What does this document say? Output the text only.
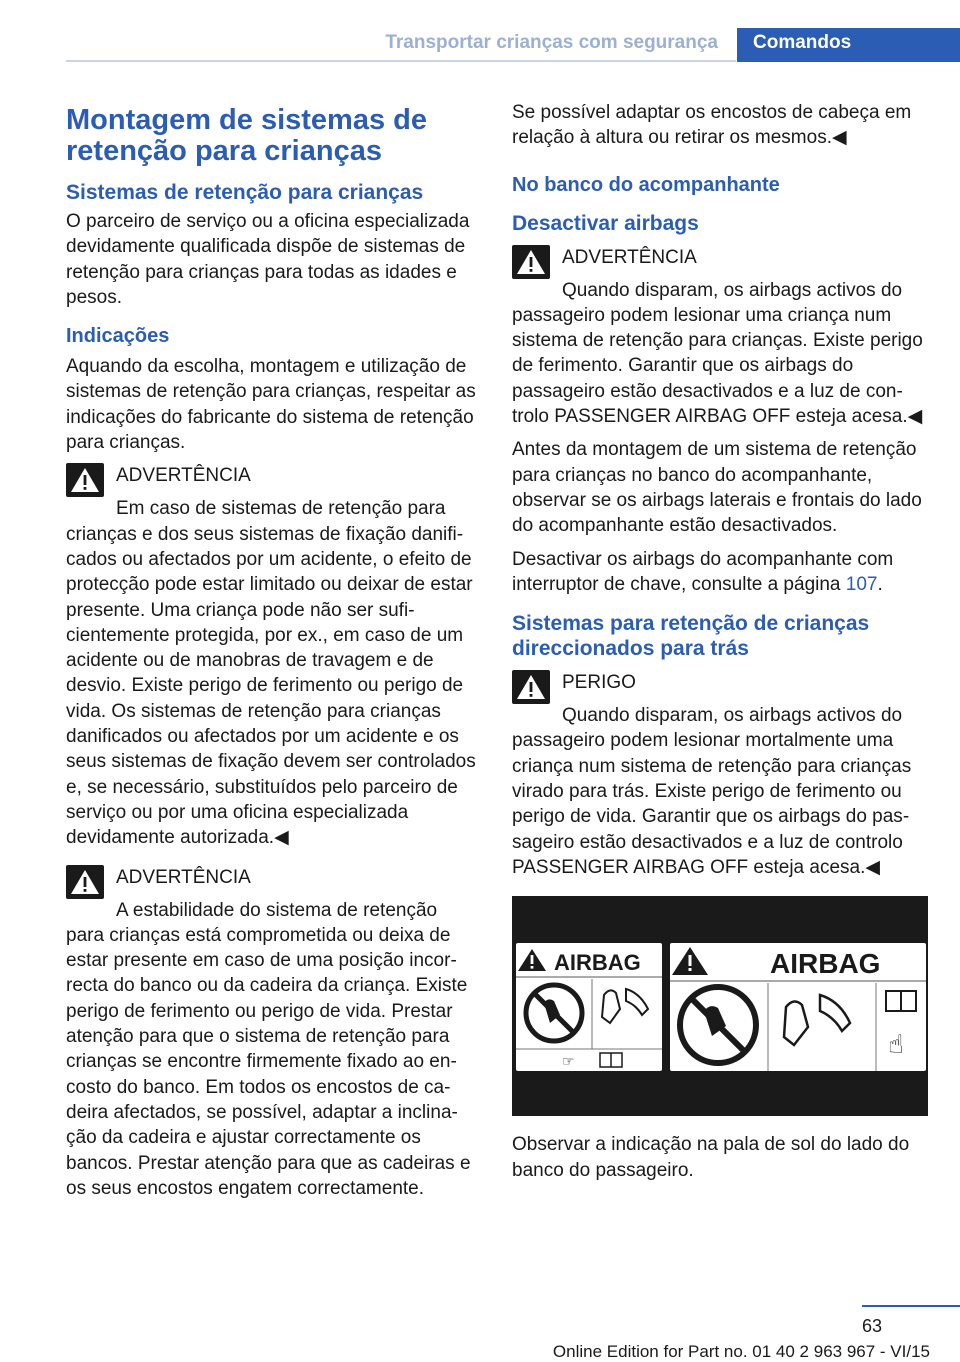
Transportar crianças com segurança	Comandos
Montagem de sistemas de retenção para crianças
Sistemas de retenção para crianças

O parceiro de serviço ou a oficina especializada devidamente qualificada dispõe de sistemas de retenção para crianças para todas as idades e pesos.

Indicações

Aquando da escolha, montagem e utilização de sistemas de retenção para crianças, respeitar as indicações do fabricante do sistema de retenção para crianças.

ADVERTÊNCIA

Em caso de sistemas de retenção para crianças e dos seus sistemas de fixação danificados ou afectados por um acidente, o efeito de protecção pode estar limitado ou deixar de estar presente. Uma criança pode não ser suficientemente protegida, por ex., em caso de um acidente ou de manobras de travagem e de desvio. Existe perigo de ferimento ou perigo de vida. Os sistemas de retenção para crianças danificados ou afectados por um acidente e os seus sistemas de fixação devem ser controlados e, se necessário, substituídos pelo parceiro de serviço ou por uma oficina especializada devidamente autorizada.◀

ADVERTÊNCIA

A estabilidade do sistema de retenção para crianças está comprometida ou deixa de estar presente em caso de uma posição incorrecta do banco ou da cadeira da criança. Existe perigo de ferimento ou perigo de vida. Prestar atenção para que o sistema de retenção para crianças se encontre firmemente fixado ao encosto do banco. Em todos os encostos de cadeira afectados, se possível, adaptar a inclinação da cadeira e ajustar correctamente os bancos. Prestar atenção para que as cadeiras e os seus encostos engatem correctamente.

Se possível adaptar os encostos de cabeça em relação à altura ou retirar os mesmos.◀

No banco do acompanhante
Desactivar airbags
ADVERTÊNCIA

Quando disparam, os airbags activos do passageiro podem lesionar uma criança num sistema de retenção para crianças. Existe perigo de ferimento. Garantir que os airbags do passageiro estão desactivados e a luz de controlo PASSENGER AIRBAG OFF esteja acesa.◀

Antes da montagem de um sistema de retenção para crianças no banco do acompanhante, observar se os airbags laterais e frontais do lado do acompanhante estão desactivados.

Desactivar os airbags do acompanhante com interruptor de chave, consulte a página 107.

Sistemas para retenção de crianças direccionados para trás
PERIGO

Quando disparam, os airbags activos do passageiro podem lesionar mortalmente uma criança num sistema de retenção para crianças virado para trás. Existe perigo de ferimento ou perigo de vida. Garantir que os airbags do passageiro estão desactivados e a luz de controlo PASSENGER AIRBAG OFF esteja acesa.◀

AIRBAG
☞
AIRBAG
☝

Observar a indicação na pala de sol do lado do banco do passageiro.

63
Online Edition for Part no. 01 40 2 963 967 - VI/15
